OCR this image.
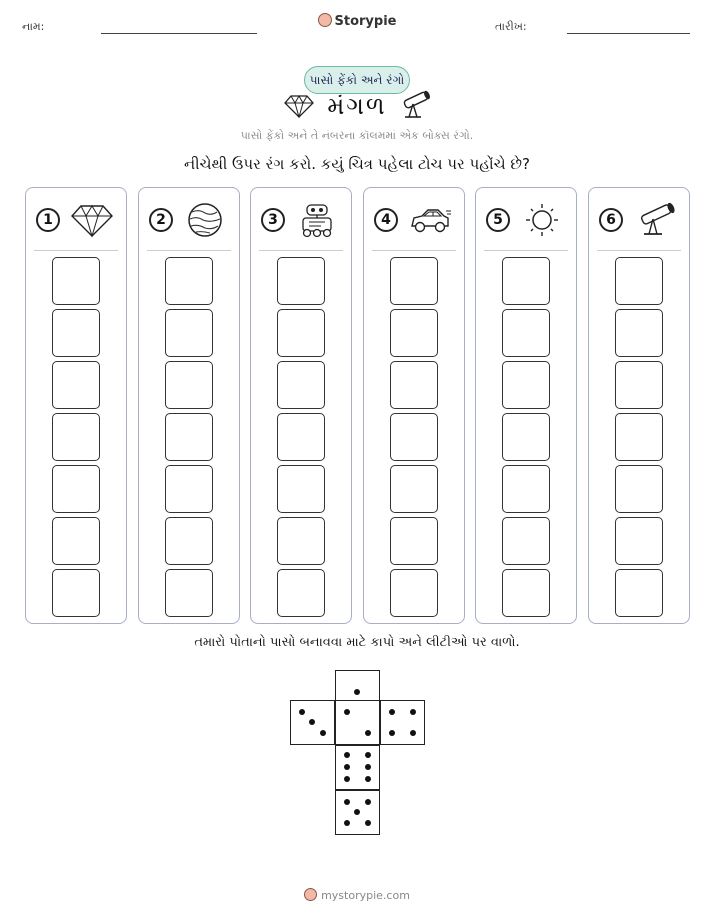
નામ:	Storypie	તારીખ:
પાસો ફેંકો અને રંગો
મંગળ
પાસો ફેંકો અને તે નંબરના કૉલમમાં એક બોક્સ રંગો.
નીચેથી ઉપર રંગ કરો. કયું ચિત્ર પહેલા ટોચ પર પહોંચે છે?
1	2	3	4	5	6
તમારો પોતાનો પાસો બનાવવા માટે કાપો અને લીટીઓ પર વાળો.
mystorypie.com
